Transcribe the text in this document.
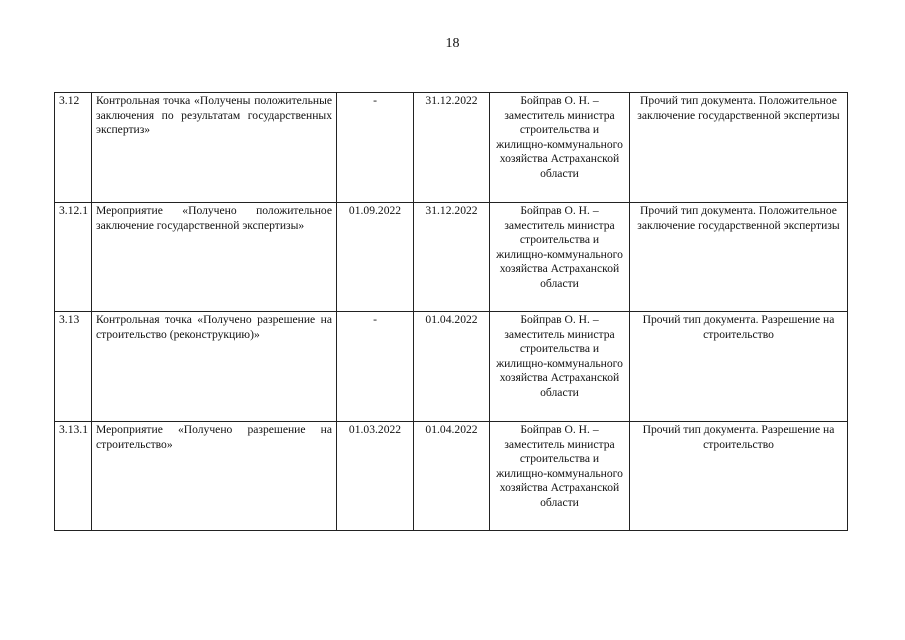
18
3.12	Контрольная точка «Получены положительные заключения по результатам государственных экспертиз»	-	31.12.2022	Бойправ О. Н. – заместитель министра строительства и жилищно-коммунального хозяйства Астраханской области	Прочий тип документа. Положительное заключение государственной экспертизы
3.12.1	Мероприятие «Получено положительное заключение государственной экспертизы»	01.09.2022	31.12.2022	Бойправ О. Н. – заместитель министра строительства и жилищно-коммунального хозяйства Астраханской области	Прочий тип документа. Положительное заключение государственной экспертизы
3.13	Контрольная точка «Получено разрешение на строительство (реконструкцию)»	-	01.04.2022	Бойправ О. Н. – заместитель министра строительства и жилищно-коммунального хозяйства Астраханской области	Прочий тип документа. Разрешение на строительство
3.13.1	Мероприятие «Получено разрешение на строительство»	01.03.2022	01.04.2022	Бойправ О. Н. – заместитель министра строительства и жилищно-коммунального хозяйства Астраханской области	Прочий тип документа. Разрешение на строительство
